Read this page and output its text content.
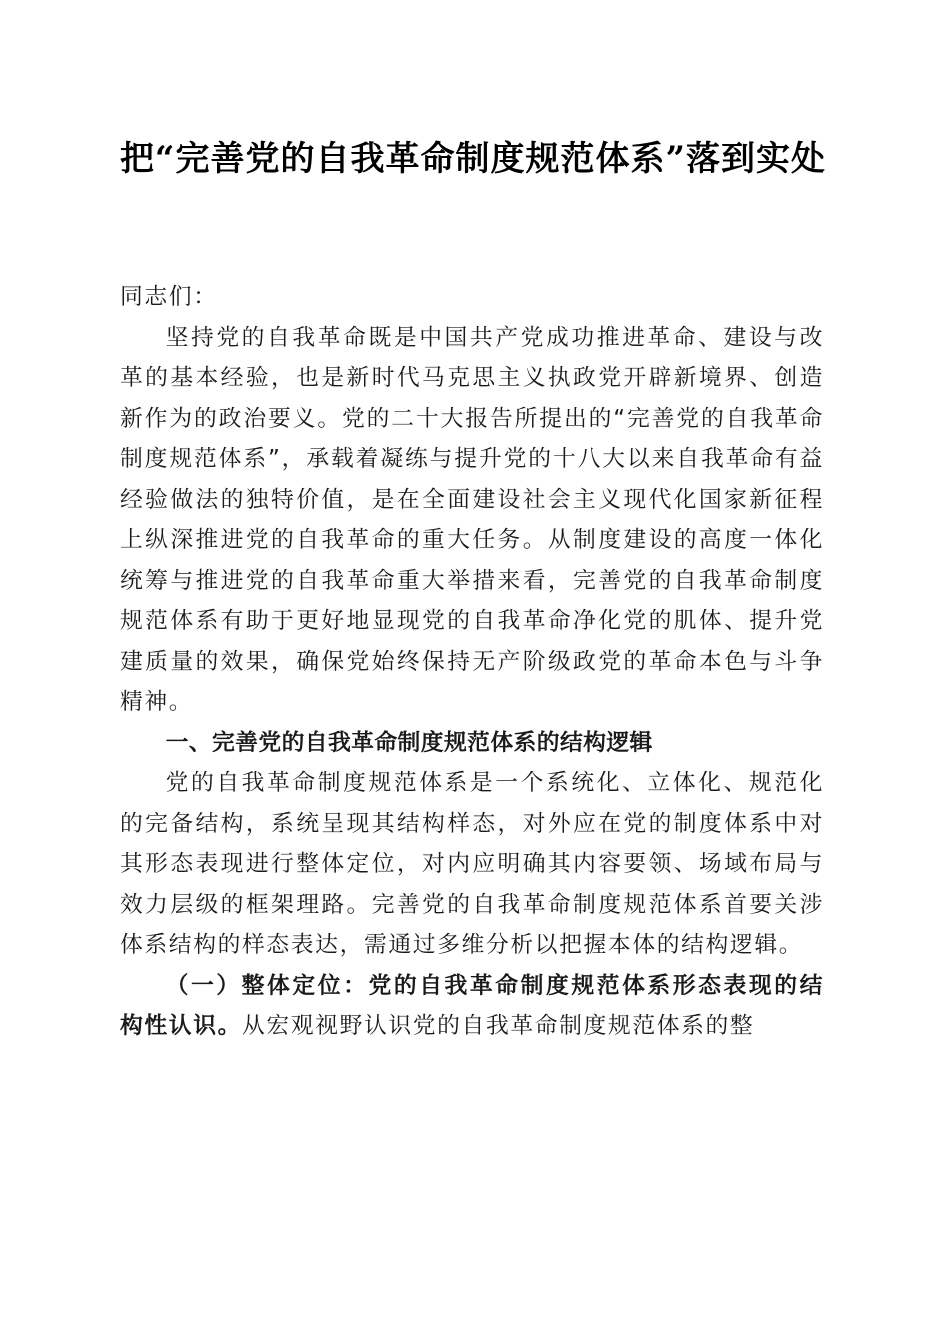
把“完善党的自我革命制度规范体系”落到实处

同志们：

坚持党的自我革命既是中国共产党成功推进革命、建设与改革的基本经验，也是新时代马克思主义执政党开辟新境界、创造新作为的政治要义。党的二十大报告所提出的“完善党的自我革命制度规范体系”，承载着凝练与提升党的十八大以来自我革命有益经验做法的独特价值，是在全面建设社会主义现代化国家新征程上纵深推进党的自我革命的重大任务。从制度建设的高度一体化统筹与推进党的自我革命重大举措来看，完善党的自我革命制度规范体系有助于更好地显现党的自我革命净化党的肌体、提升党建质量的效果，确保党始终保持无产阶级政党的革命本色与斗争精神。

一、完善党的自我革命制度规范体系的结构逻辑

党的自我革命制度规范体系是一个系统化、立体化、规范化的完备结构，系统呈现其结构样态，对外应在党的制度体系中对其形态表现进行整体定位，对内应明确其内容要领、场域布局与效力层级的框架理路。完善党的自我革命制度规范体系首要关涉体系结构的样态表达，需通过多维分析以把握本体的结构逻辑。

（一）整体定位：党的自我革命制度规范体系形态表现的结构性认识。从宏观视野认识党的自我革命制度规范体系的整
